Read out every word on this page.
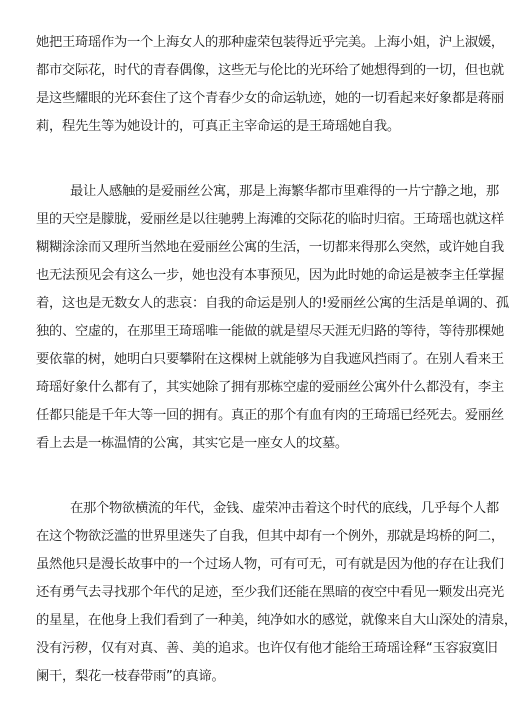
她把王琦瑶作为一个上海女人的那种虚荣包装得近乎完美。上海小姐，沪上淑媛，
都市交际花，时代的青春偶像，这些无与伦比的光环给了她想得到的一切，但也就
是这些耀眼的光环套住了这个青春少女的命运轨迹，她的一切看起来好象都是蒋丽
莉，程先生等为她设计的，可真正主宰命运的是王琦瑶她自我。
最让人感触的是爱丽丝公寓，那是上海繁华都市里难得的一片宁静之地，那
里的天空是朦胧，爱丽丝是以往驰骋上海滩的交际花的临时归宿。王琦瑶也就这样
糊糊涂涂而又理所当然地在爱丽丝公寓的生活，一切都来得那么突然，或许她自我
也无法预见会有这么一步，她也没有本事预见，因为此时她的命运是被李主任掌握
着，这也是无数女人的悲哀：自我的命运是别人的!爱丽丝公寓的生活是单调的、孤
独的、空虚的，在那里王琦瑶唯一能做的就是望尽天涯无归路的等待，等待那棵她
要依靠的树，她明白只要攀附在这棵树上就能够为自我遮风挡雨了。在别人看来王
琦瑶好象什么都有了，其实她除了拥有那栋空虚的爱丽丝公寓外什么都没有，李主
任都只能是千年大等一回的拥有。真正的那个有血有肉的王琦瑶已经死去。爱丽丝
看上去是一栋温情的公寓，其实它是一座女人的坟墓。
在那个物欲横流的年代，金钱、虚荣冲击着这个时代的底线，几乎每个人都
在这个物欲泛滥的世界里迷失了自我，但其中却有一个例外，那就是坞桥的阿二，
虽然他只是漫长故事中的一个过场人物，可有可无，可有就是因为他的存在让我们
还有勇气去寻找那个年代的足迹，至少我们还能在黑暗的夜空中看见一颗发出亮光
的星星，在他身上我们看到了一种美，纯净如水的感觉，就像来自大山深处的清泉，
没有污秽，仅有对真、善、美的追求。也许仅有他才能给王琦瑶诠释“玉容寂寞旧
阑干，梨花一枝春带雨”的真谛。
